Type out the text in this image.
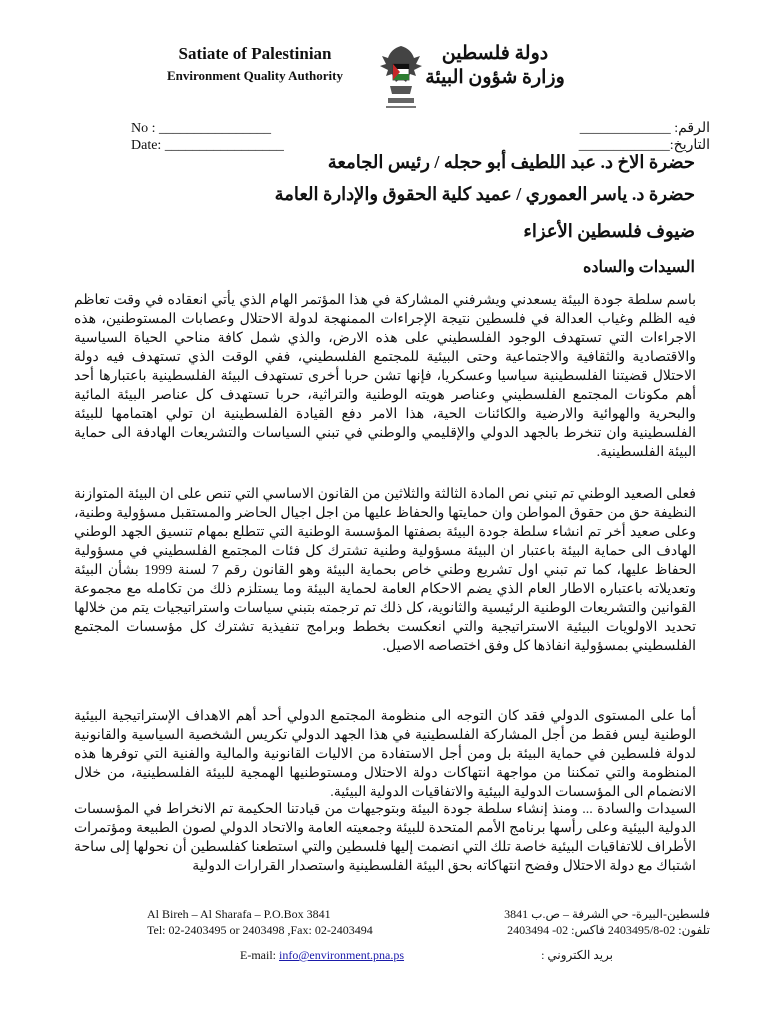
Satiate of Palestinian
Environment Quality Authority
دولة فلسطين
وزارة شؤون البيئة
No : ________________
Date: _________________
الرقم: _____________
التاريخ:_____________
حضرة الاخ د. عبد اللطيف أبو حجله / رئيس الجامعة
حضرة د. ياسر العموري / عميد كلية الحقوق والإدارة العامة
ضيوف فلسطين الأعزاء
السيدات والساده
باسم سلطة جودة البيئة يسعدني ويشرفني المشاركة في هذا المؤتمر الهام الذي يأتي انعقاده في وقت تعاظم فيه الظلم وغياب العدالة في فلسطين نتيجة الإجراءات الممنهجة لدولة الاحتلال وعصابات المستوطنين، هذه الاجراءات التي تستهدف الوجود الفلسطيني على هذه الارض، والذي شمل كافة مناحي الحياة السياسية والاقتصادية والثقافية والاجتماعية وحتى البيئية للمجتمع الفلسطيني، ففي الوقت الذي تستهدف فيه دولة الاحتلال قضيتنا الفلسطينية سياسيا وعسكريا، فإنها تشن حربا أخرى تستهدف البيئة الفلسطينية باعتبارها أحد أهم مكونات المجتمع الفلسطيني وعناصر هويته الوطنية والتراثية، حربا تستهدف كل عناصر البيئة المائية والبحرية والهوائية والارضية والكائنات الحية، هذا الامر دفع القيادة الفلسطينية ان تولي اهتمامها للبيئة الفلسطينية وان تنخرط بالجهد الدولي والإقليمي والوطني في تبني السياسات والتشريعات الهادفة الى حماية البيئة الفلسطينية.
فعلى الصعيد الوطني تم تبني نص المادة الثالثة والثلاثين من القانون الاساسي التي تنص على ان البيئة المتوازنة النظيفة حق من حقوق المواطن وان حمايتها والحفاظ عليها من اجل اجيال الحاضر والمستقبل مسؤولية وطنية، وعلى صعيد أخر تم انشاء سلطة جودة البيئة بصفتها المؤسسة الوطنية التي تتطلع بمهام تنسيق الجهد الوطني الهادف الى حماية البيئة باعتبار ان البيئة مسؤولية وطنية تشترك كل فئات المجتمع الفلسطيني في مسؤولية الحفاظ عليها، كما تم تبني اول تشريع وطني خاص بحماية البيئة وهو القانون رقم 7 لسنة 1999 بشأن البيئة وتعديلاته باعتباره الاطار العام الذي يضم الاحكام العامة لحماية البيئة وما يستلزم ذلك من تكامله مع مجموعة القوانين والتشريعات الوطنية الرئيسية والثانوية، كل ذلك تم ترجمته بتبني سياسات واستراتيجيات يتم من خلالها تحديد الاولويات البيئية الاستراتيجية والتي انعكست بخطط وبرامج تنفيذية تشترك كل مؤسسات المجتمع الفلسطيني بمسؤولية انفاذها كل وفق اختصاصه الاصيل.
أما على المستوى الدولي فقد كان التوجه الى منظومة المجتمع الدولي أحد أهم الاهداف الإستراتيجية البيئية الوطنية ليس فقط من أجل المشاركة الفلسطينية في هذا الجهد الدولي تكريس الشخصية السياسية والقانونية لدولة فلسطين في حماية البيئة بل ومن أجل الاستفادة من الاليات القانونية والمالية والفنية التي توفرها هذه المنظومة والتي تمكننا من مواجهة انتهاكات دولة الاحتلال ومستوطنيها الهمجية للبيئة الفلسطينية، من خلال الانضمام الى المؤسسات الدولية البيئية والاتفاقيات الدولية البيئية.
السيدات والسادة ... ومنذ إنشاء سلطة جودة البيئة وبتوجيهات من قيادتنا الحكيمة تم الانخراط في المؤسسات الدولية البيئية وعلى رأسها برنامج الأمم المتحدة للبيئة وجمعيته العامة والاتحاد الدولي لصون الطبيعة ومؤتمرات الأطراف للاتفاقيات البيئية خاصة تلك التي انضمت إليها فلسطين والتي استطعنا كفلسطين أن نحولها إلى ساحة اشتباك مع دولة الاحتلال وفضح انتهاكاته بحق البيئة الفلسطينية واستصدار القرارات الدولية
Al Bireh – Al Sharafa – P.O.Box 3841
Tel: 02-2403495 or 2403498 ,Fax: 02-2403494
فلسطين-البيرة- حي الشرفة – ص.ب 3841
تلفون: 02-2403495/8 فاكس: 02- 2403494
E-mail: info@environment.pna.ps	بريد الكتروني :
